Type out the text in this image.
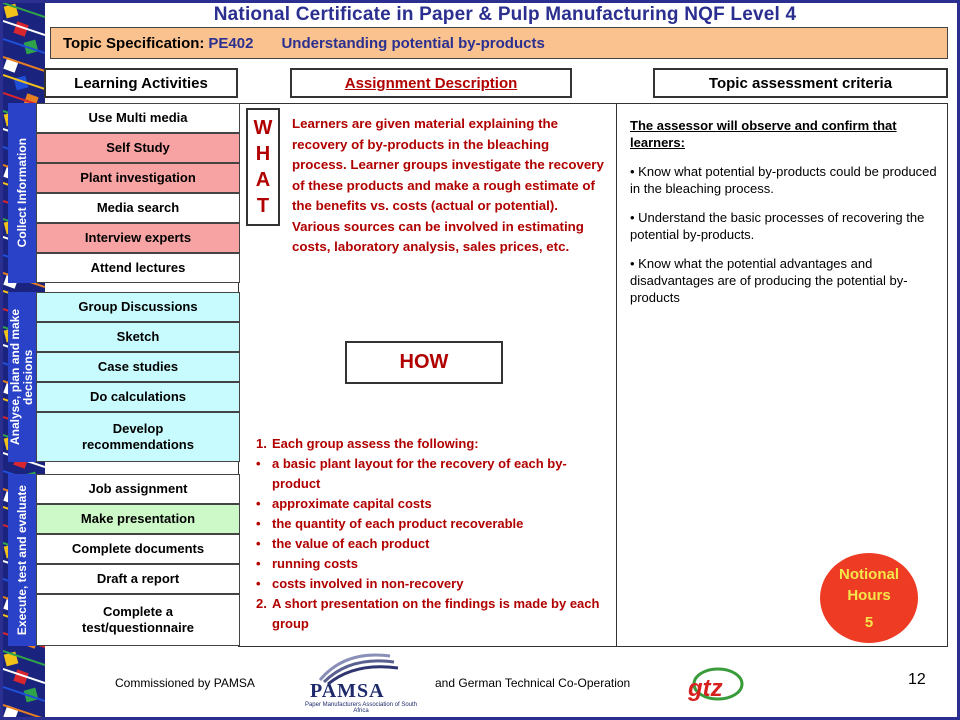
National Certificate in Paper & Pulp Manufacturing NQF Level 4
Topic Specification: PE402 Understanding potential by-products
Learning Activities	Assignment Description	Topic assessment criteria
Collect Information
Use Multi media
Self Study
Plant investigation
Media search
Interview experts
Attend lectures
Analyse, plan and make decisions
Group Discussions
Sketch
Case studies
Do calculations
Develop recommendations
Execute, test and evaluate	Job assignment
Make presentation
Complete documents
Draft a report
Complete a test/questionnaire
W
H
A
T
Learners are given material explaining the recovery of by-products in the bleaching process. Learner groups investigate the recovery of these products and make a rough estimate of the benefits vs. costs (actual or potential). Various sources can be involved in estimating costs, laboratory analysis, sales prices, etc.
HOW
1. Each group assess the following:
• a basic plant layout for the recovery of each by-product
• approximate capital costs
• the quantity of each product recoverable
• the value of each product
• running costs
• costs involved in non-recovery
2. A short presentation on the findings is made by each group
The assessor will observe and confirm that learners:
• Know what potential by-products could be produced in the bleaching process.
• Understand the basic processes of recovering the potential by-products.
• Know what the potential advantages and disadvantages are of producing the potential by-products
Notional
Hours
5
Commissioned by PAMSA	PAMSA
Paper Manufacturers Association of South Africa
and German Technical Co-Operation gtz	12
